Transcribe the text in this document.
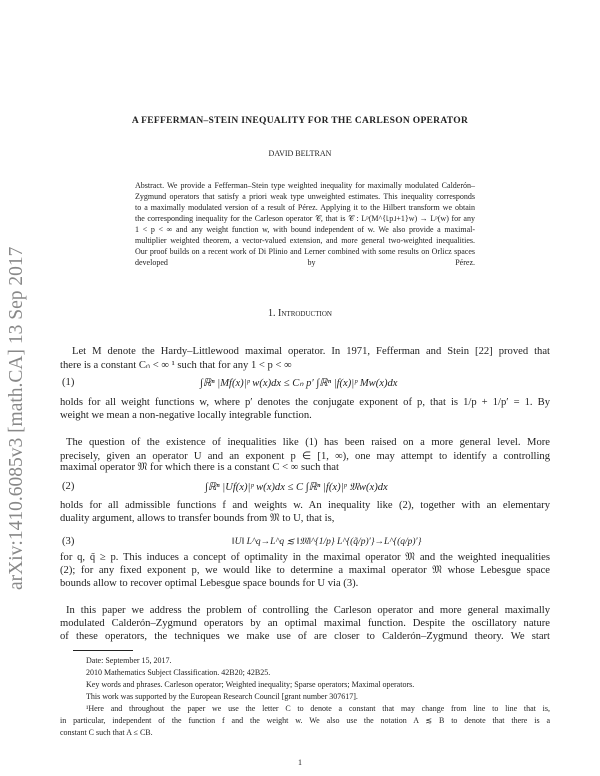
arXiv:1410.6085v3 [math.CA] 13 Sep 2017
A FEFFERMAN–STEIN INEQUALITY FOR THE CARLESON OPERATOR
DAVID BELTRAN
Abstract. We provide a Fefferman–Stein type weighted inequality for maximally modulated Calderón–
Zygmund operators that satisfy a priori weak type unweighted estimates. This inequality corresponds
to a maximally modulated version of a result of Pérez. Applying it to the Hilbert transform we obtain
the corresponding inequality for the Carleson operator 𝒞, that is 𝒞 : Lᵖ(M^{⌊p⌋+1}w) → Lᵖ(w) for any
1 < p < ∞ and any weight function w, with bound independent of w. We also provide a maximal-
multiplier weighted theorem, a vector-valued extension, and more general two-weighted inequalities.
Our proof builds on a recent work of Di Plinio and Lerner combined with some results on Orlicz spaces
developed by Pérez.
1. Introduction
Let M denote the Hardy–Littlewood maximal operator. In 1971, Fefferman and Stein [22] proved that
there is a constant Cₙ < ∞ ¹ such that for any 1 < p < ∞
(1)	∫ℝⁿ |Mf(x)|ᵖ w(x)dx ≤ Cₙ p′ ∫ℝⁿ |f(x)|ᵖ Mw(x)dx
holds for all weight functions w, where p′ denotes the conjugate exponent of p, that is 1/p + 1/p′ = 1. By
weight we mean a non-negative locally integrable function.
The question of the existence of inequalities like (1) has been raised on a more general level. More
precisely, given an operator U and an exponent p ∈ [1, ∞), one may attempt to identify a controlling
maximal operator 𝔐 for which there is a constant C < ∞ such that
(2)	∫ℝⁿ |Uf(x)|ᵖ w(x)dx ≤ C ∫ℝⁿ |f(x)|ᵖ 𝔐w(x)dx
holds for all admissible functions f and weights w. An inequality like (2), together with an elementary
duality argument, allows to transfer bounds from 𝔐 to U, that is,
(3)	‖U‖ L^q→L^q ≲ ‖𝔐‖^{1/p} L^{(q̃/p)′}→L^{(q/p)′}
for q, q̃ ≥ p. This induces a concept of optimality in the maximal operator 𝔐 and the weighted inequalities
(2); for any fixed exponent p, we would like to determine a maximal operator 𝔐 whose Lebesgue space
bounds allow to recover optimal Lebesgue space bounds for U via (3).
In this paper we address the problem of controlling the Carleson operator and more general maximally
modulated Calderón–Zygmund operators by an optimal maximal function. Despite the oscillatory nature
of these operators, the techniques we make use of are closer to Calderón–Zygmund theory. We start
Date: September 15, 2017.
2010 Mathematics Subject Classification. 42B20; 42B25.
Key words and phrases. Carleson operator; Weighted inequality; Sparse operators; Maximal operators.
This work was supported by the European Research Council [grant number 307617].
¹Here and throughout the paper we use the letter C to denote a constant that may change from line to line that is,
in particular, independent of the function f and the weight w. We also use the notation A ≲ B to denote that there is a
constant C such that A ≤ CB.
1
